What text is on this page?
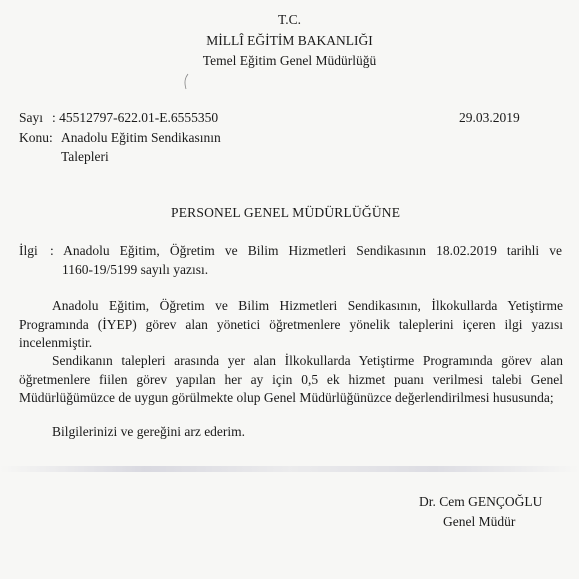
T.C.
MİLLÎ EĞİTİM BAKANLIĞI
Temel Eğitim Genel Müdürlüğü
Sayı : 45512797-622.01-E.6555350	29.03.2019
Konu: Anadolu Eğitim Sendikasının
Talepleri
PERSONEL GENEL MÜDÜRLÜĞÜNE
İlgi : Anadolu Eğitim, Öğretim ve Bilim Hizmetleri Sendikasının 18.02.2019 tarihli ve
1160-19/5199 sayılı yazısı.
Anadolu Eğitim, Öğretim ve Bilim Hizmetleri Sendikasının, İlkokullarda Yetiştirme Programında (İYEP) görev alan yönetici öğretmenlere yönelik taleplerini içeren ilgi yazısı incelenmiştir.
Sendikanın talepleri arasında yer alan İlkokullarda Yetiştirme Programında görev alan öğretmenlere fiilen görev yapılan her ay için 0,5 ek hizmet puanı verilmesi talebi Genel Müdürlüğümüzce de uygun görülmekte olup Genel Müdürlüğünüzce değerlendirilmesi hususunda;
Bilgilerinizi ve gereğini arz ederim.
Dr. Cem GENÇOĞLU
Genel Müdür
